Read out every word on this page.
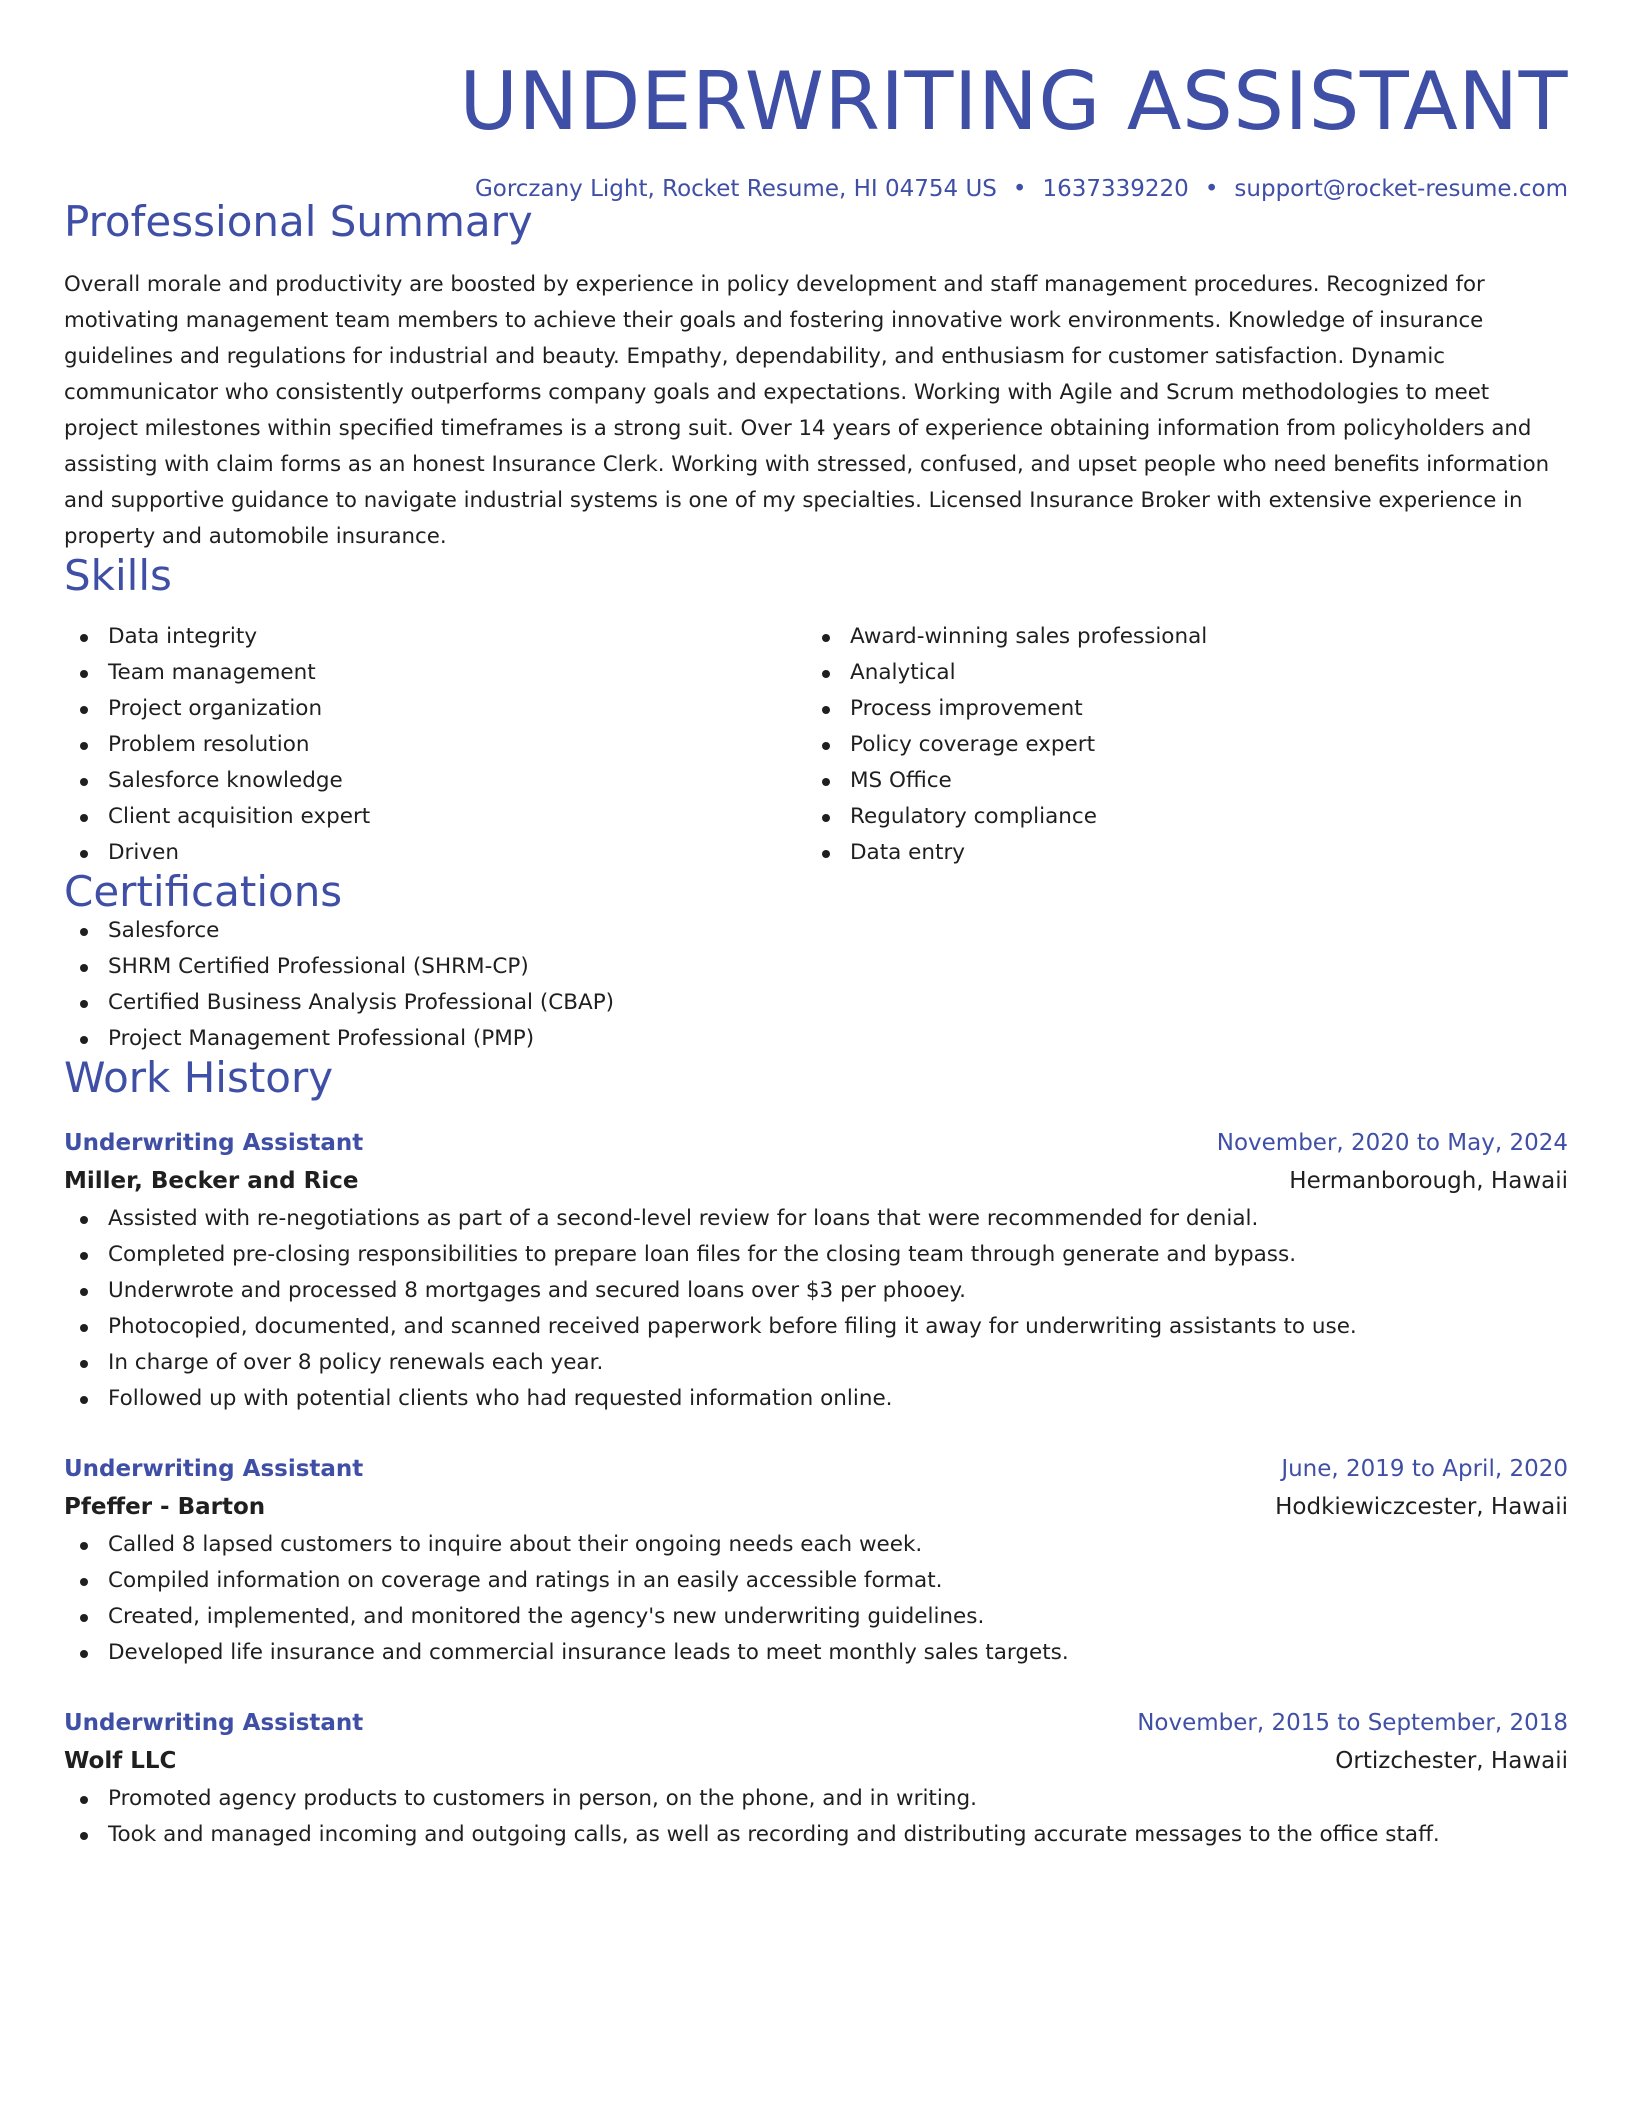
UNDERWRITING ASSISTANT
Gorczany Light, Rocket Resume, HI 04754 US • 1637339220 • support@rocket-resume.com
Professional Summary

Overall morale and productivity are boosted by experience in policy development and staff management procedures. Recognized for motivating management team members to achieve their goals and fostering innovative work environments. Knowledge of insurance guidelines and regulations for industrial and beauty. Empathy, dependability, and enthusiasm for customer satisfaction. Dynamic communicator who consistently outperforms company goals and expectations. Working with Agile and Scrum methodologies to meet project milestones within specified timeframes is a strong suit. Over 14 years of experience obtaining information from policyholders and assisting with claim forms as an honest Insurance Clerk. Working with stressed, confused, and upset people who need benefits information and supportive guidance to navigate industrial systems is one of my specialties. Licensed Insurance Broker with extensive experience in property and automobile insurance.

Skills
Data integrity
Team management
Project organization
Problem resolution
Salesforce knowledge
Client acquisition expert
Driven
Award-winning sales professional
Analytical
Process improvement
Policy coverage expert
MS Office
Regulatory compliance
Data entry
Certifications
Salesforce
SHRM Certified Professional (SHRM-CP)
Certified Business Analysis Professional (CBAP)
Project Management Professional (PMP)
Work History
Underwriting Assistant	November, 2020 to May, 2024
Miller, Becker and Rice	Hermanborough, Hawaii
Assisted with re-negotiations as part of a second-level review for loans that were recommended for denial.
Completed pre-closing responsibilities to prepare loan files for the closing team through generate and bypass.
Underwrote and processed 8 mortgages and secured loans over $3 per phooey.
Photocopied, documented, and scanned received paperwork before filing it away for underwriting assistants to use.
In charge of over 8 policy renewals each year.
Followed up with potential clients who had requested information online.
Underwriting Assistant	June, 2019 to April, 2020
Pfeffer - Barton	Hodkiewiczcester, Hawaii
Called 8 lapsed customers to inquire about their ongoing needs each week.
Compiled information on coverage and ratings in an easily accessible format.
Created, implemented, and monitored the agency's new underwriting guidelines.
Developed life insurance and commercial insurance leads to meet monthly sales targets.
Underwriting Assistant	November, 2015 to September, 2018
Wolf LLC	Ortizchester, Hawaii
Promoted agency products to customers in person, on the phone, and in writing.
Took and managed incoming and outgoing calls, as well as recording and distributing accurate messages to the office staff.
